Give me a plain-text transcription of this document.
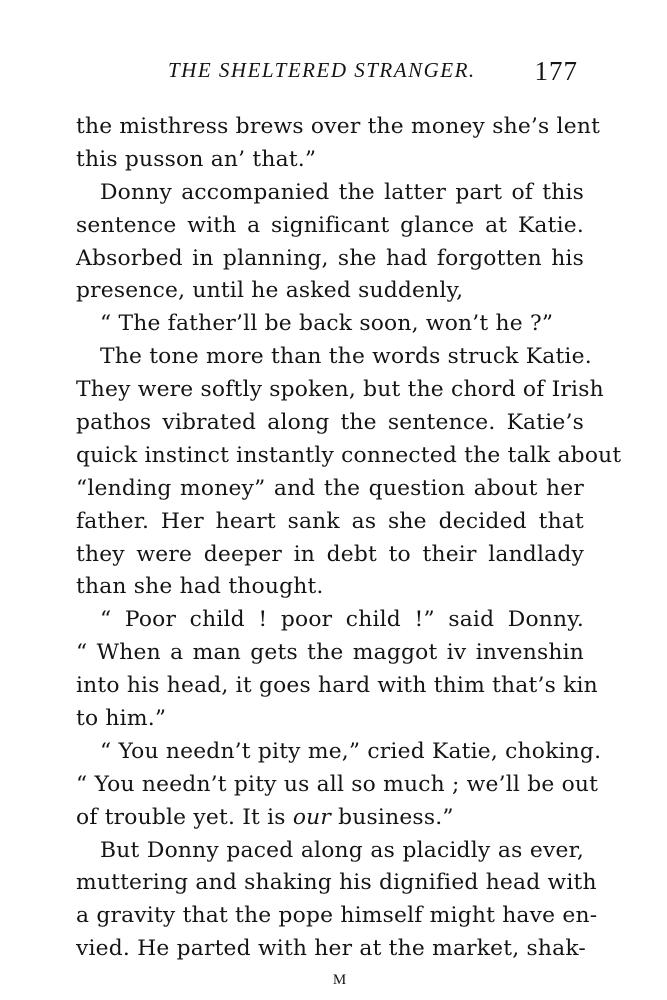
THE SHELTERED STRANGER. 177
the misthress brews over the money she’s lent
this pusson an’ that.”
Donny accompanied the latter part of this
sentence with a significant glance at Katie.
Absorbed in planning, she had forgotten his
presence, until he asked suddenly,
“ The father’ll be back soon, won’t he ?”
The tone more than the words struck Katie.
They were softly spoken, but the chord of Irish
pathos vibrated along the sentence. Katie’s
quick instinct instantly connected the talk about
“lending money” and the question about her
father. Her heart sank as she decided that
they were deeper in debt to their landlady
than she had thought.
“ Poor child ! poor child !” said Donny.
“ When a man gets the maggot iv invenshin
into his head, it goes hard with thim that’s kin
to him.”
“ You needn’t pity me,” cried Katie, choking.
“ You needn’t pity us all so much ; we’ll be out
of trouble yet. It is our business.”
But Donny paced along as placidly as ever,
muttering and shaking his dignified head with
a gravity that the pope himself might have en-
vied. He parted with her at the market, shak-
M
